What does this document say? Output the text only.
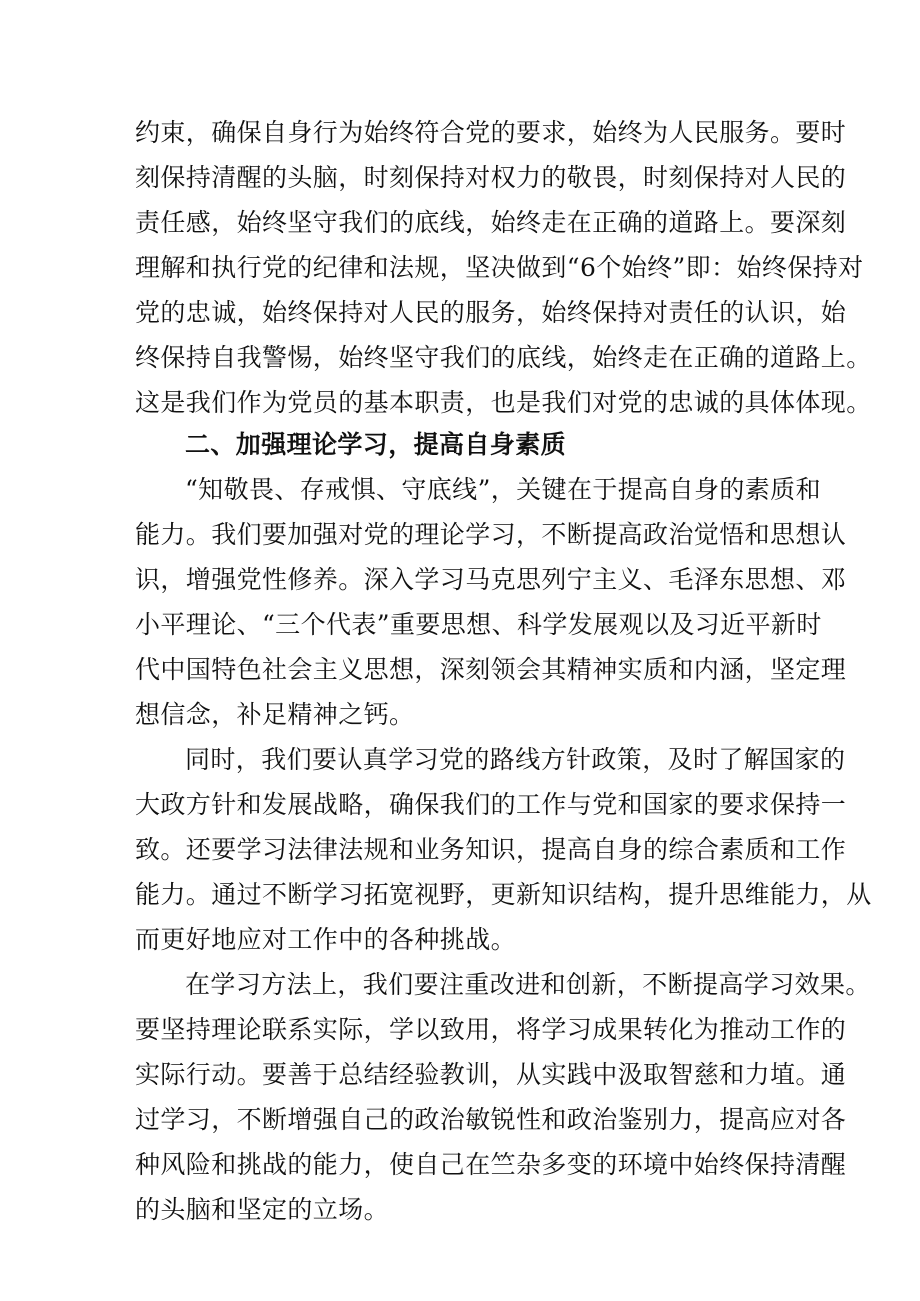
约束，确保自身行为始终符合党的要求，始终为人民服务。要时
刻保持清醒的头脑，时刻保持对权力的敬畏，时刻保持对人民的
责任感，始终坚守我们的底线，始终走在正确的道路上。要深刻
理解和执行党的纪律和法规，坚决做到“6个始终”即：始终保持对
党的忠诚，始终保持对人民的服务，始终保持对责任的认识，始
终保持自我警惕，始终坚守我们的底线，始终走在正确的道路上。
这是我们作为党员的基本职责，也是我们对党的忠诚的具体体现。
二、加强理论学习，提高自身素质
“知敬畏、存戒惧、守底线”，关键在于提高自身的素质和
能力。我们要加强对党的理论学习，不断提高政治觉悟和思想认
识，增强党性修养。深入学习马克思列宁主义、毛泽东思想、邓
小平理论、“三个代表”重要思想、科学发展观以及习近平新时
代中国特色社会主义思想，深刻领会其精神实质和内涵，坚定理
想信念，补足精神之钙。
同时，我们要认真学习党的路线方针政策，及时了解国家的
大政方针和发展战略，确保我们的工作与党和国家的要求保持一
致。还要学习法律法规和业务知识，提高自身的综合素质和工作
能力。通过不断学习拓宽视野，更新知识结构，提升思维能力，从
而更好地应对工作中的各种挑战。
在学习方法上，我们要注重改进和创新，不断提高学习效果。
要坚持理论联系实际，学以致用，将学习成果转化为推动工作的
实际行动。要善于总结经验教训，从实践中汲取智慈和力埴。通
过学习，不断增强自己的政治敏锐性和政治鉴别力，提高应对各
种风险和挑战的能力，使自己在竺杂多变的环境中始终保持清醒
的头脑和坚定的立场。
